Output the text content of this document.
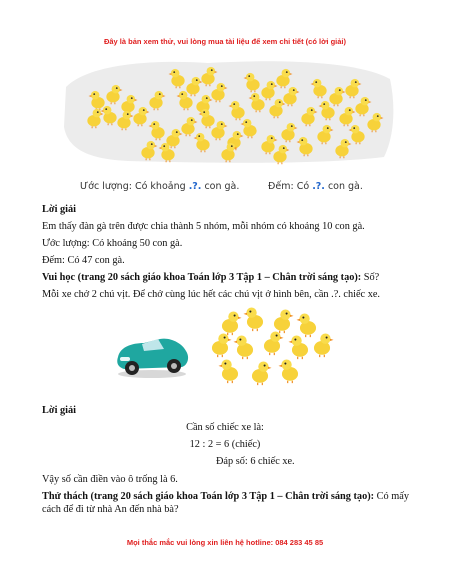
Đây là bản xem thử, vui lòng mua tài liệu để xem chi tiết (có lời giải)
Ước lượng: Có khoảng .?. con gà.	Đếm: Có .?. con gà.
Lời giải
Em thấy đàn gà trên được chia thành 5 nhóm, mỗi nhóm có khoảng 10 con gà.
Ước lượng: Có khoảng 50 con gà.
Đếm: Có 47 con gà.
Vui học (trang 20 sách giáo khoa Toán lớp 3 Tập 1 – Chân trời sáng tạo): Số?
Mỗi xe chở 2 chú vịt. Để chở cùng lúc hết các chú vịt ở hình bên, cần .?. chiếc xe.
Lời giải
Cần số chiếc xe là:
12 : 2 = 6 (chiếc)
Đáp số: 6 chiếc xe.
Vậy số cần điền vào ô trống là 6.
Thử thách (trang 20 sách giáo khoa Toán lớp 3 Tập 1 – Chân trời sáng tạo): Có mấy cách để đi từ nhà An đến nhà bà?
Mọi thắc mắc vui lòng xin liên hệ hotline: 084 283 45 85
